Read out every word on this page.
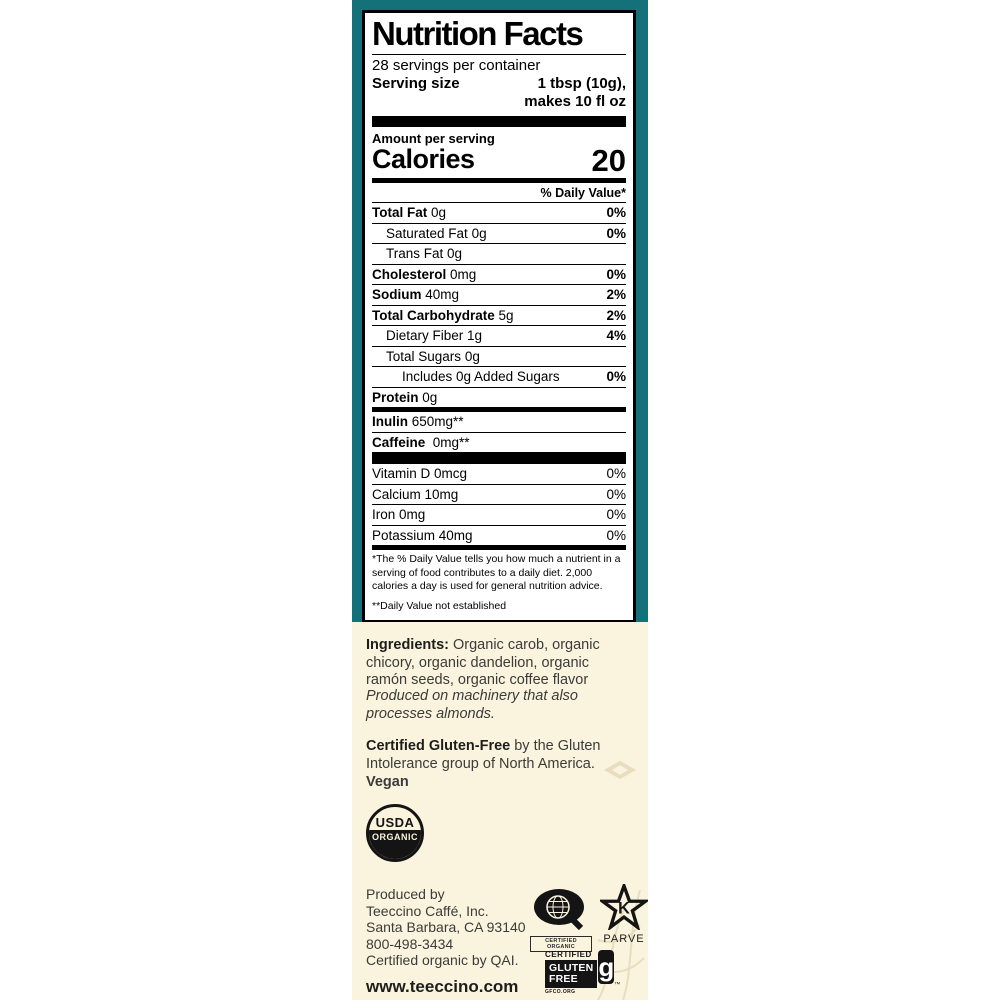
Nutrition Facts
28 servings per container
Serving size	1 tbsp (10g),
makes 10 fl oz
Amount per serving
Calories	20
% Daily Value*
Total Fat 0g	0%
Saturated Fat 0g	0%
Trans Fat 0g
Cholesterol 0mg	0%
Sodium 40mg	2%
Total Carbohydrate 5g	2%
Dietary Fiber 1g	4%
Total Sugars 0g
Includes 0g Added Sugars	0%
Protein 0g
Inulin 650mg**
Caffeine 0mg**
Vitamin D 0mcg	0%
Calcium 10mg	0%
Iron 0mg	0%
Potassium 40mg	0%
*The % Daily Value tells you how much a nutrient in a serving of food contributes to a daily diet. 2,000 calories a day is used for general nutrition advice.
**Daily Value not established

Ingredients: Organic carob, organic chicory, organic dandelion, organic ramón seeds, organic coffee flavor

Produced on machinery that also processes almonds.

Certified Gluten-Free by the Gluten Intolerance group of North America.

Vegan

USDA
ORGANIC
Produced by
Teeccino Caffé, Inc.
Santa Barbara, CA 93140
800-498-3434
Certified organic by QAI.
CERTIFIED ORGANIC
K
PARVE
www.teeccino.com
CERTIFIED
GLUTEN
FREE g
™
GFCO.ORG
